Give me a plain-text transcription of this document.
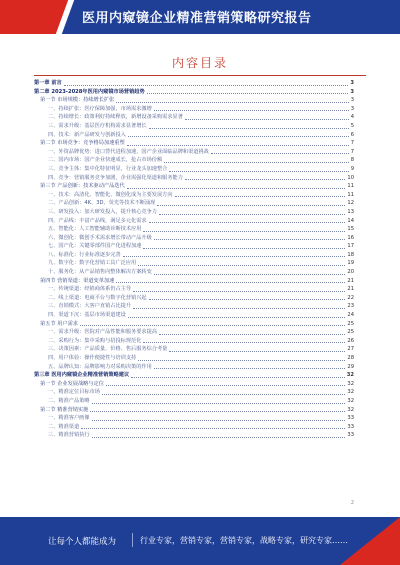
医用内窥镜企业精准营销策略研究报告
内容目录
第一章 前言	3
第二章 2023-2028年医用内窥镜市场营销趋势	3
第一节 市场规模：持续增长扩张	3
一、持续扩张：医疗保障加强，市场需求激增	3
二、持续增长：政策利好持续释放，新增设备采购需求显著	4
三、需求升级：基层医疗机构需求显著增长	5
四、技术：新产品研发与创新投入	6
第二节 市场竞争：竞争格局加速重塑	7
一、外资品牌优势：进口替代进程加速，国产企业面临品牌和渠道挑战	7
二、国内市场：国产企业快速成长，抢占市场份额	8
三、竞争主体：集中化特征明显，行业龙头加速整合	9
四、竞争：营销服务竞争加剧，企业需强化渠道和服务能力	10
第三节 产品创新：技术驱动产品迭代	11
一、技术：高清化、智能化、微创化成为主要发展方向	11
二、产品创新：4K、3D、荧光等技术不断涌现	12
三、研发投入：加大研发投入，提升核心竞争力	13
四、产品线：丰富产品线，满足多元化需求	14
五、智能化：人工智能辅助诊断技术应用	15
六、微创化：微创手术需求增长带动产品升级	16
七、国产化：关键零部件国产化进程加速	17
八、标准化：行业标准逐步完善	18
九、数字化：数字化营销工具广泛应用	19
十、服务化：从产品销售向整体解决方案转变	20
第四节 营销渠道：渠道变革加速	21
一、传统渠道：经销商体系仍占主导	21
二、线上渠道：电商平台与数字化营销兴起	22
三、直销模式：大客户直销占比提升	23
四、渠道下沉：基层市场渠道建设	24
第五节 用户需求	25
一、需求升级：医院对产品性能和服务要求提高	25
二、采购行为：集中采购与招投标规范化	26
三、决策因素：产品质量、价格、售后服务综合考量	27
四、用户体验：操作便捷性与培训支持	28
五、品牌认知：品牌影响力对采购决策的作用	29
第三章 医用内窥镜企业精准营销策略建议	32
第一节 企业发展战略与定位	32
一、精准定位目标市场	32
二、精准产品策略	32
第二节 精准营销实施	32
一、精准客户画像	33
二、精准渠道	33
三、精准营销执行	33
2
让每个人都能成为	行业专家，营销专家，营销专家，战略专家，研究专家……
